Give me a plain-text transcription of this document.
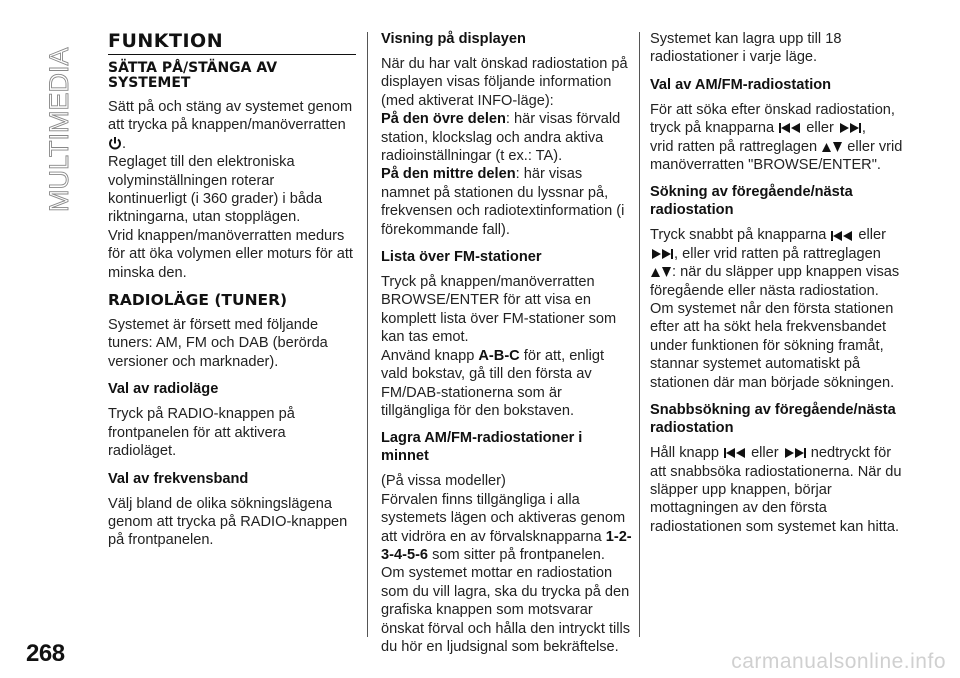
MULTIMEDIA
FUNKTION
SÄTTA PÅ/STÄNGA AV SYSTEMET

Sätt på och stäng av systemet genom att trycka på knappen/manöverratten

.

Reglaget till den elektroniska volyminställningen roterar kontinuerligt (i 360 grader) i båda riktningarna, utan stopplägen.

Vrid knappen/manöverratten medurs för att öka volymen eller moturs för att minska den.

RADIOLÄGE (TUNER)

Systemet är försett med följande tuners: AM, FM och DAB (berörda versioner och marknader).

Val av radioläge

Tryck på RADIO-knappen på frontpanelen för att aktivera radioläget.

Val av frekvensband

Välj bland de olika sökningslägena genom att trycka på RADIO-knappen på frontpanelen.

Visning på displayen

När du har valt önskad radiostation på displayen visas följande information (med aktiverat INFO-läge):

På den övre delen: här visas förvald station, klockslag och andra aktiva radioinställningar (t ex.: TA).

På den mittre delen: här visas namnet på stationen du lyssnar på, frekvensen och radiotextinformation (i förekommande fall).

Lista över FM-stationer

Tryck på knappen/manöverratten BROWSE/ENTER för att visa en komplett lista över FM-stationer som kan tas emot.

Använd knapp A-B-C för att, enligt vald bokstav, gå till den första av FM/DAB-stationerna som är tillgängliga för den bokstaven.

Lagra AM/FM-radiostationer i minnet

(På vissa modeller)

Förvalen finns tillgängliga i alla systemets lägen och aktiveras genom att vidröra en av förvalsknapparna 1-2-3-4-5-6 som sitter på frontpanelen.

Om systemet mottar en radiostation som du vill lagra, ska du trycka på den grafiska knappen som motsvarar önskat förval och hålla den intryckt tills du hör en ljudsignal som bekräftelse.

Systemet kan lagra upp till 18 radiostationer i varje läge.

Val av AM/FM-radiostation

För att söka efter önskad radiostation, tryck på knapparna
eller
,
vrid ratten på rattreglagen
eller vrid manöverratten "BROWSE/ENTER".

Sökning av föregående/nästa radiostation

Tryck snabbt på knapparna
eller

, eller vrid ratten på rattreglagen

: när du släpper upp knappen visas föregående eller nästa radiostation.

Om systemet når den första stationen efter att ha sökt hela frekvensbandet under funktionen för sökning framåt, stannar systemet automatiskt på stationen där man började sökningen.

Snabbsökning av föregående/nästa radiostation

Håll knapp
eller
nedtryckt för att snabbsöka radiostationerna. När du släpper upp knappen, börjar mottagningen av den första radiostationen som systemet kan hitta.

268	carmanualsonline.info
